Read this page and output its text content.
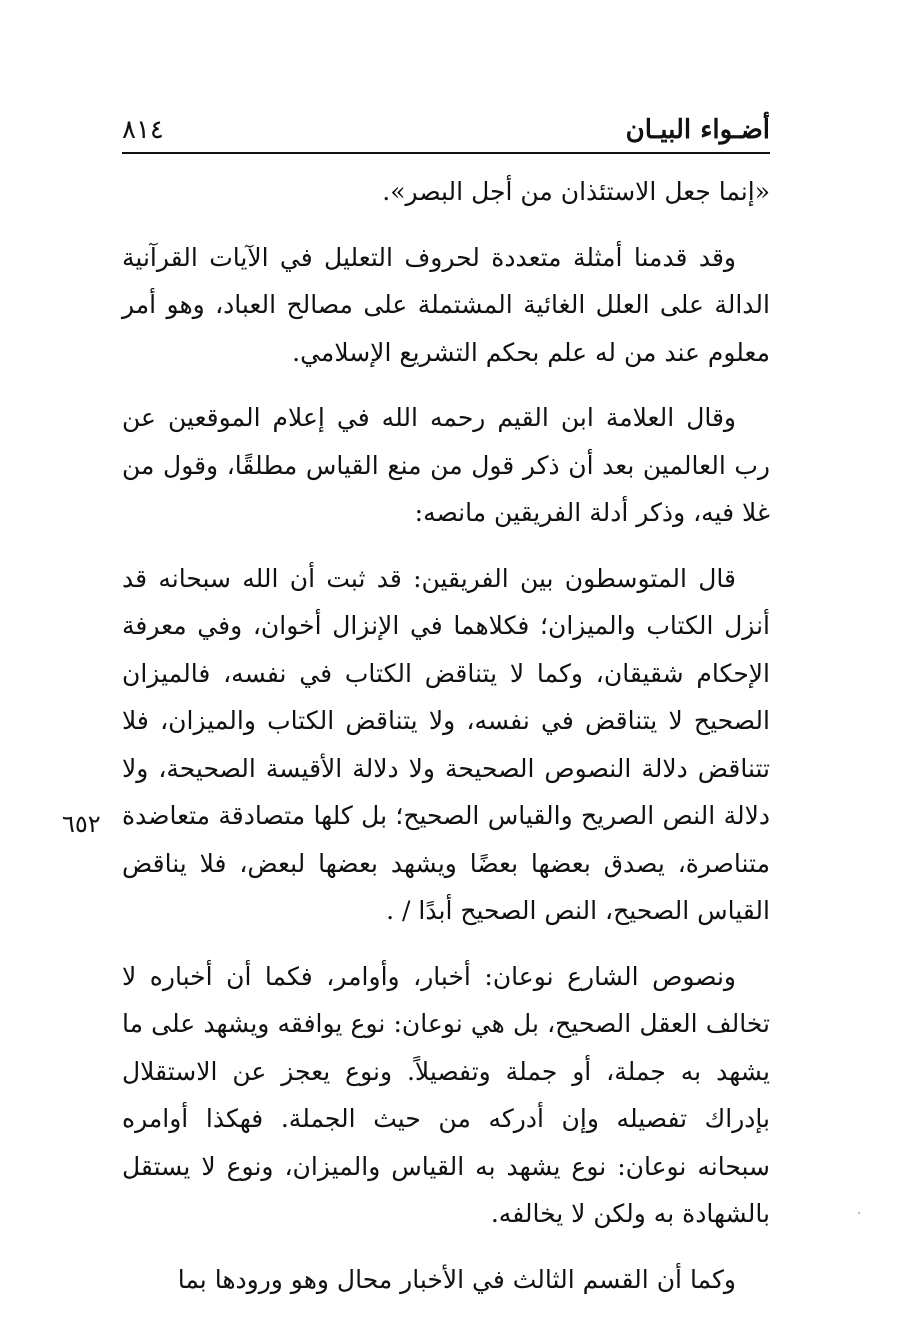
أضـواء البيـان
٨١٤

«إنما جعل الاستئذان من أجل البصر».

وقد قدمنا أمثلة متعددة لحروف التعليل في الآيات القرآنية الدالة على العلل الغائية المشتملة على مصالح العباد، وهو أمر معلوم عند من له علم بحكم التشريع الإسلامي.

وقال العلامة ابن القيم رحمه الله في إعلام الموقعين عن رب العالمين بعد أن ذكر قول من منع القياس مطلقًا، وقول من غلا فيه، وذكر أدلة الفريقين مانصه:

قال المتوسطون بين الفريقين: قد ثبت أن الله سبحانه قد أنزل الكتاب والميزان؛ فكلاهما في الإنزال أخوان، وفي معرفة الإحكام شقيقان، وكما لا يتناقض الكتاب في نفسه، فالميزان الصحيح لا يتناقض في نفسه، ولا يتناقض الكتاب والميزان، فلا تتناقض دلالة النصوص الصحيحة ولا دلالة الأقيسة الصحيحة، ولا دلالة النص الصريح والقياس الصحيح؛ بل كلها متصادقة متعاضدة متناصرة، يصدق بعضها بعضًا ويشهد بعضها لبعض، فلا يناقض القياس الصحيح، النص الصحيح أبدًا / .

ونصوص الشارع نوعان: أخبار، وأوامر، فكما أن أخباره لا تخالف العقل الصحيح، بل هي نوعان: نوع يوافقه ويشهد على ما يشهد به جملة، أو جملة وتفصيلاً. ونوع يعجز عن الاستقلال بإدراك تفصيله وإن أدركه من حيث الجملة. فهكذا أوامره سبحانه نوعان: نوع يشهد به القياس والميزان، ونوع لا يستقل بالشهادة به ولكن لا يخالفه.

وكما أن القسم الثالث في الأخبار محال وهو ورودها بما

٦٥٢
